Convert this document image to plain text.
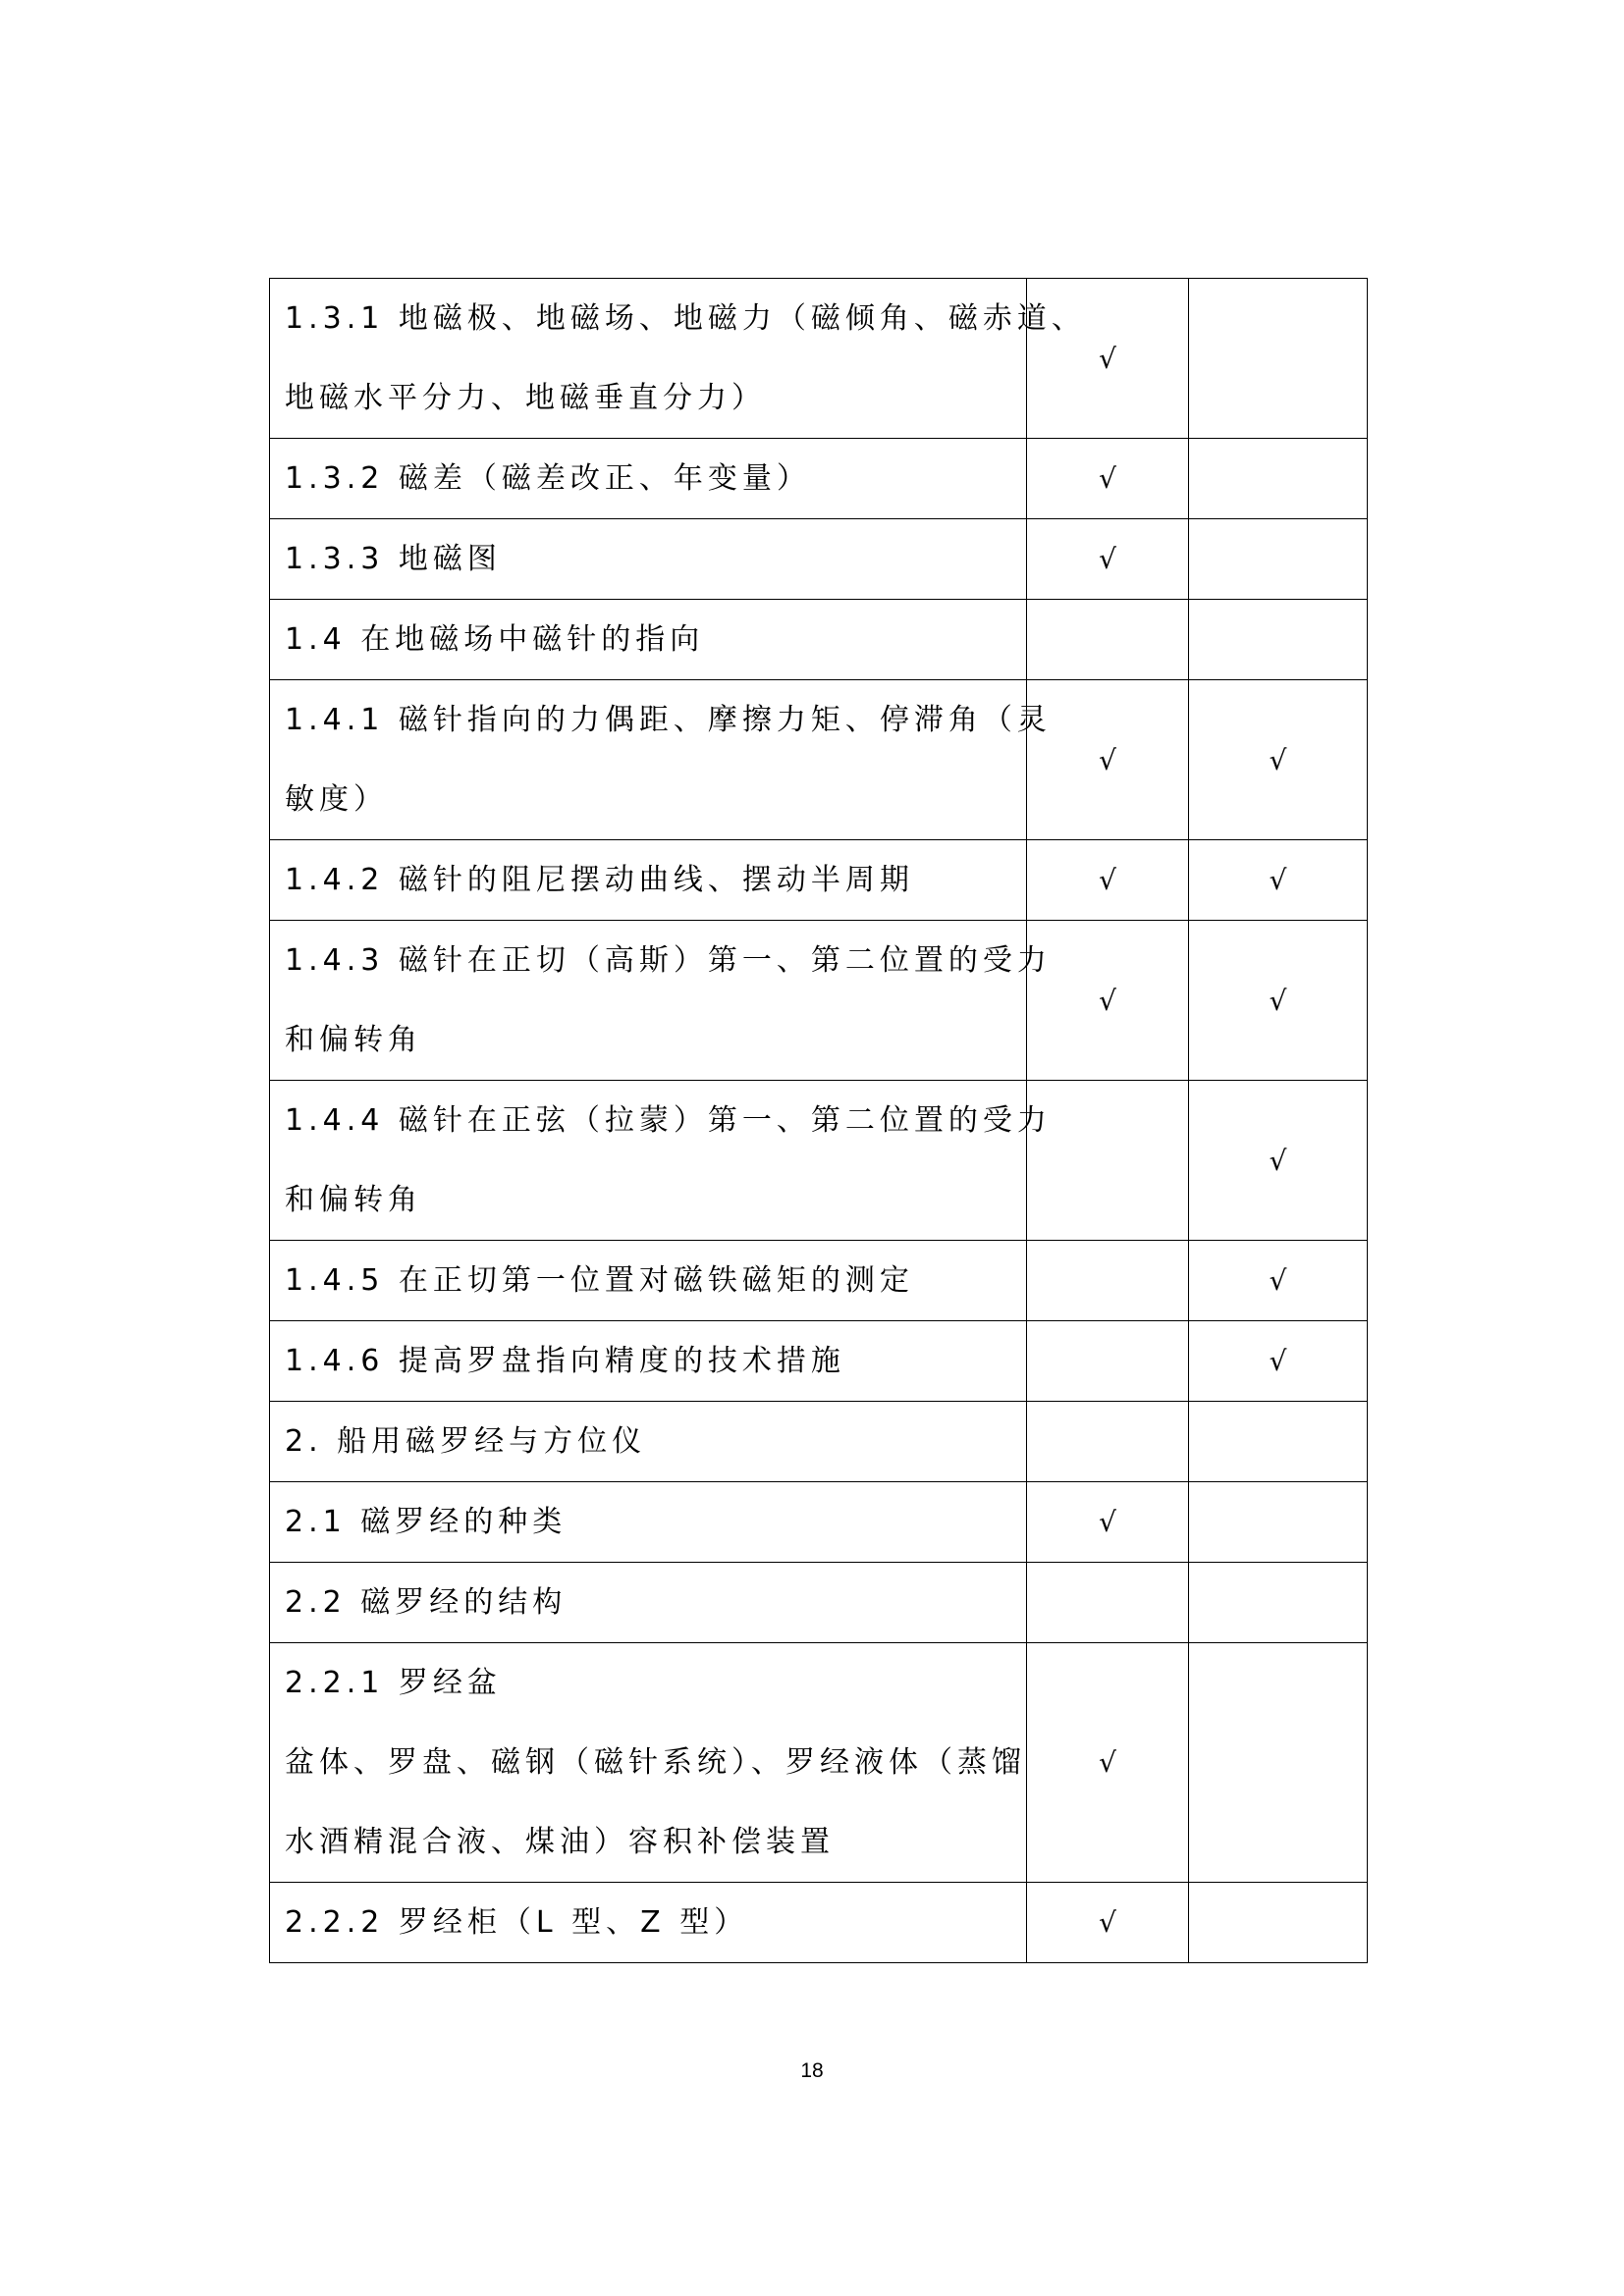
1.3.1 地磁极、地磁场、地磁力（磁倾角、磁赤道、
地磁水平分力、地磁垂直分力）	√	

1.3.2 磁差（磁差改正、年变量）	√	

1.3.3 地磁图	√	

1.4 在地磁场中磁针的指向		

1.4.1 磁针指向的力偶距、摩擦力矩、停滞角（灵
敏度）	√	√

1.4.2 磁针的阻尼摆动曲线、摆动半周期	√	√

1.4.3 磁针在正切（高斯）第一、第二位置的受力
和偏转角	√	√

1.4.4 磁针在正弦（拉蒙）第一、第二位置的受力
和偏转角		√

1.4.5 在正切第一位置对磁铁磁矩的测定		√

1.4.6 提高罗盘指向精度的技术措施		√

2. 船用磁罗经与方位仪		

2.1 磁罗经的种类	√	

2.2 磁罗经的结构		

2.2.1 罗经盆
盆体、罗盘、磁钢（磁针系统）、罗经液体（蒸馏
水酒精混合液、煤油）容积补偿装置	√	

2.2.2 罗经柜（L 型、Z 型）	√	
18
